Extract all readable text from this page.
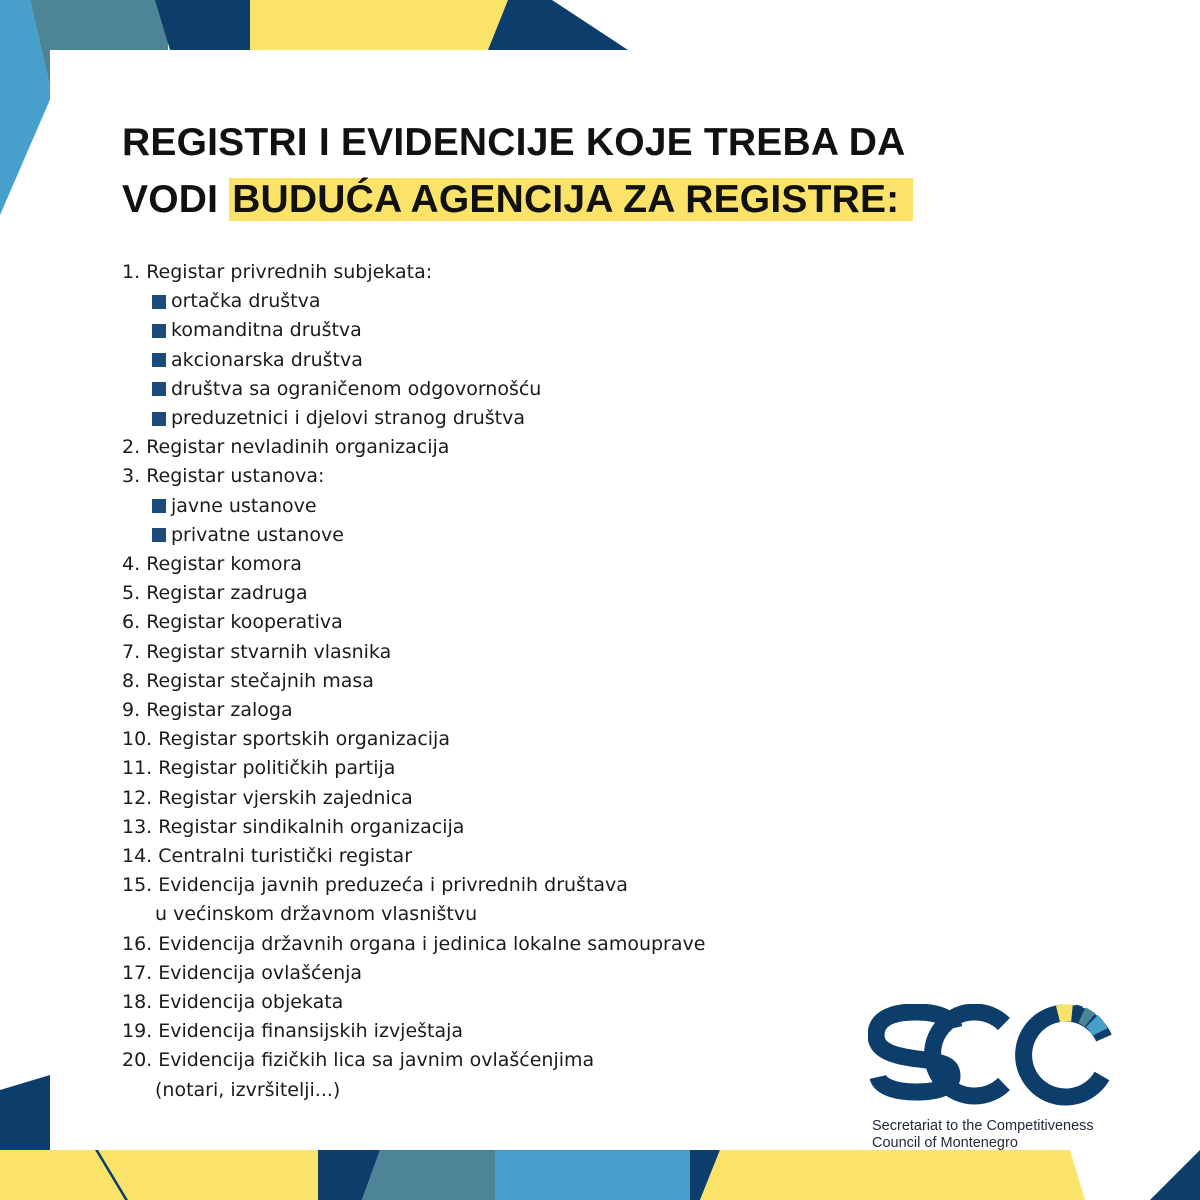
REGISTRI I EVIDENCIJE KOJE TREBA DA
VODI BUDUĆA AGENCIJA ZA REGISTRE:
1. Registar privrednih subjekata:
ortačka društva
komanditna društva
akcionarska društva
društva sa ograničenom odgovornošću
preduzetnici i djelovi stranog društva
2. Registar nevladinih organizacija
3. Registar ustanova:
javne ustanove
privatne ustanove
4. Registar komora
5. Registar zadruga
6. Registar kooperativa
7. Registar stvarnih vlasnika
8. Registar stečajnih masa
9. Registar zaloga
10. Registar sportskih organizacija
11. Registar političkih partija
12. Registar vjerskih zajednica
13. Registar sindikalnih organizacija
14. Centralni turistički registar
15. Evidencija javnih preduzeća i privrednih društava
u većinskom državnom vlasništvu
16. Evidencija državnih organa i jedinica lokalne samouprave
17. Evidencija ovlašćenja
18. Evidencija objekata
19. Evidencija finansijskih izvještaja
20. Evidencija fizičkih lica sa javnim ovlašćenjima
(notari, izvršitelji...)
Secretariat to the Competitiveness
Council of Montenegro
